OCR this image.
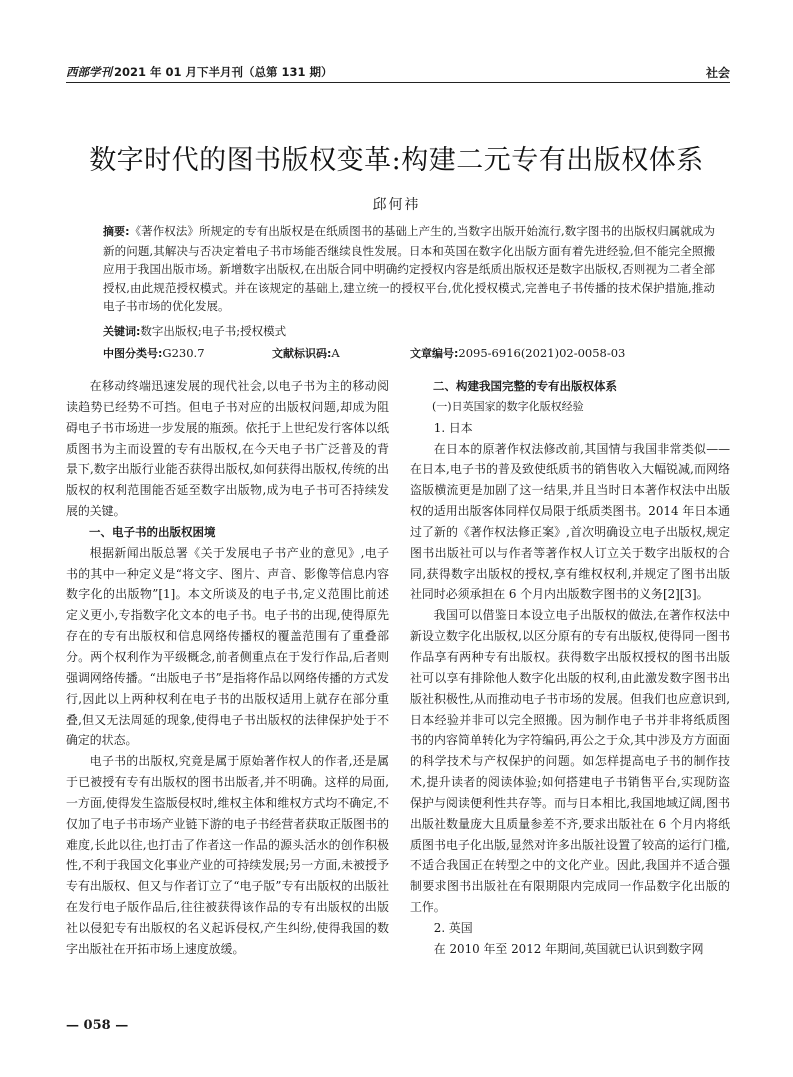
西部学刊 2021 年 01 月下半月刊（总第 131 期）	社会
数字时代的图书版权变革:构建二元专有出版权体系
邱何祎

摘要:《著作权法》所规定的专有出版权是在纸质图书的基础上产生的,当数字出版开始流行,数字图书的出版权归属就成为新的问题,其解决与否决定着电子书市场能否继续良性发展。日本和英国在数字化出版方面有着先进经验,但不能完全照搬应用于我国出版市场。新增数字出版权,在出版合同中明确约定授权内容是纸质出版权还是数字出版权,否则视为二者全部授权,由此规范授权模式。并在该规定的基础上,建立统一的授权平台,优化授权模式,完善电子书传播的技术保护措施,推动电子书市场的优化发展。

关键词:数字出版权;电子书;授权模式
中图分类号:G230.7	文献标识码:A	文章编号:2095-6916(2021)02-0058-03

在移动终端迅速发展的现代社会,以电子书为主的移动阅读趋势已经势不可挡。但电子书对应的出版权问题,却成为阻碍电子书市场进一步发展的瓶颈。依托于上世纪发行客体以纸质图书为主而设置的专有出版权,在今天电子书广泛普及的背景下,数字出版行业能否获得出版权,如何获得出版权,传统的出版权的权利范围能否延至数字出版物,成为电子书可否持续发展的关键。

一、电子书的出版权困境

根据新闻出版总署《关于发展电子书产业的意见》,电子书的其中一种定义是“将文字、图片、声音、影像等信息内容数字化的出版物”[1]。本文所谈及的电子书,定义范围比前述定义更小,专指数字化文本的电子书。电子书的出现,使得原先存在的专有出版权和信息网络传播权的覆盖范围有了重叠部分。两个权利作为平级概念,前者侧重点在于发行作品,后者则强调网络传播。“出版电子书”是指将作品以网络传播的方式发行,因此以上两种权利在电子书的出版权适用上就存在部分重叠,但又无法周延的现象,使得电子书出版权的法律保护处于不确定的状态。

电子书的出版权,究竟是属于原始著作权人的作者,还是属于已被授有专有出版权的图书出版者,并不明确。这样的局面,一方面,使得发生盗版侵权时,维权主体和维权方式均不确定,不仅加了电子书市场产业链下游的电子书经营者获取正版图书的难度,长此以往,也打击了作者这一作品的源头活水的创作积极性,不利于我国文化事业产业的可持续发展;另一方面,未被授予专有出版权、但又与作者订立了“电子版”专有出版权的出版社在发行电子版作品后,往往被获得该作品的专有出版权的出版社以侵犯专有出版权的名义起诉侵权,产生纠纷,使得我国的数字出版社在开拓市场上速度放缓。

二、构建我国完整的专有出版权体系
(一)日英国家的数字化版权经验
1. 日本

在日本的原著作权法修改前,其国情与我国非常类似——在日本,电子书的普及致使纸质书的销售收入大幅锐减,而网络盗版横流更是加剧了这一结果,并且当时日本著作权法中出版权的适用出版客体同样仅局限于纸质类图书。2014 年日本通过了新的《著作权法修正案》,首次明确设立电子出版权,规定图书出版社可以与作者等著作权人订立关于数字出版权的合同,获得数字出版权的授权,享有维权权利,并规定了图书出版社同时必须承担在 6 个月内出版数字图书的义务[2][3]。

我国可以借鉴日本设立电子出版权的做法,在著作权法中新设立数字化出版权,以区分原有的专有出版权,使得同一图书作品享有两种专有出版权。获得数字出版权授权的图书出版社可以享有排除他人数字化出版的权利,由此激发数字图书出版社积极性,从而推动电子书市场的发展。但我们也应意识到,日本经验并非可以完全照搬。因为制作电子书并非将纸质图书的内容简单转化为字符编码,再公之于众,其中涉及方方面面的科学技术与产权保护的问题。如怎样提高电子书的制作技术,提升读者的阅读体验;如何搭建电子书销售平台,实现防盗保护与阅读便利性共存等。而与日本相比,我国地域辽阔,图书出版社数量庞大且质量参差不齐,要求出版社在 6 个月内将纸质图书电子化出版,显然对许多出版社设置了较高的运行门槛,不适合我国正在转型之中的文化产业。因此,我国并不适合强制要求图书出版社在有限期限内完成同一作品数字化出版的工作。

2. 英国

在 2010 年至 2012 年期间,英国就已认识到数字网

— 058 —
